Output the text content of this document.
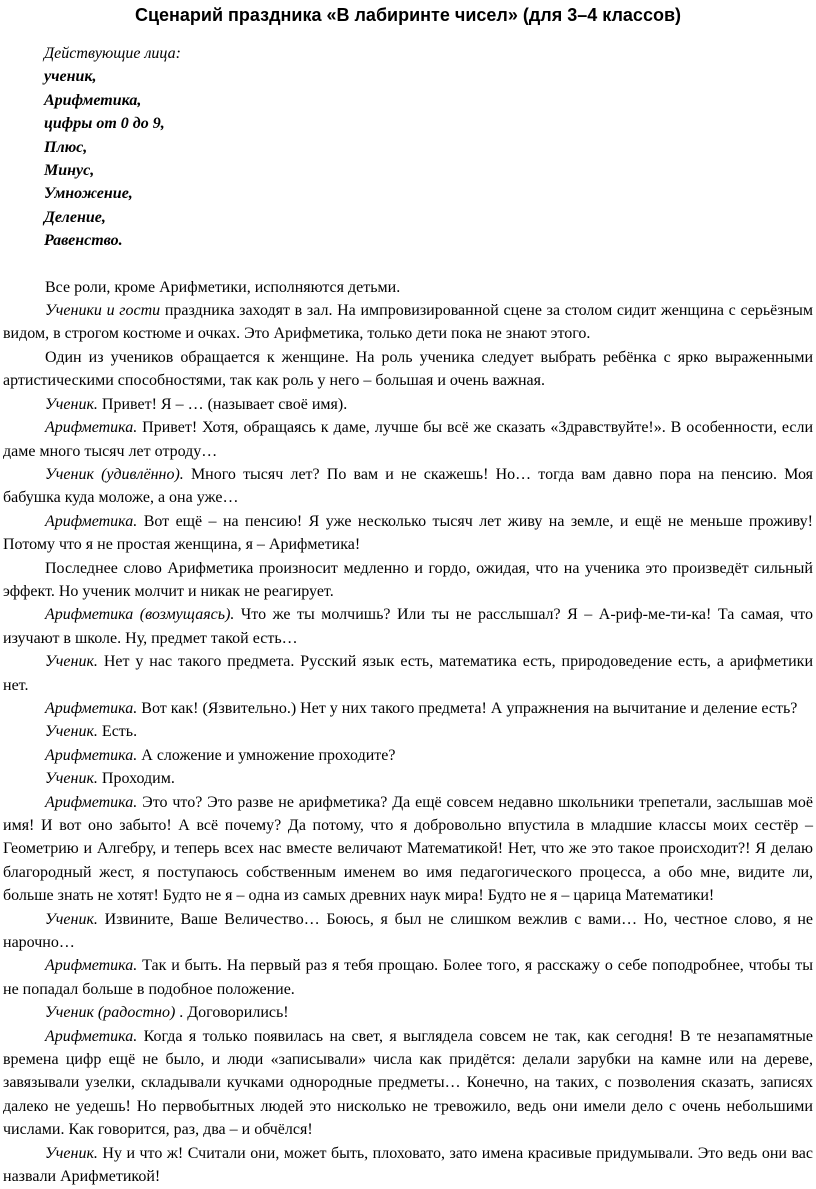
Сценарий праздника «В лабиринте чисел» (для 3–4 классов)
Действующие лица:
ученик,
Арифметика,
цифры от 0 до 9,
Плюс,
Минус,
Умножение,
Деление,
Равенство.

Все роли, кроме Арифметики, исполняются детьми.

Ученики и гости праздника заходят в зал. На импровизированной сцене за столом сидит женщина с серьёзным видом, в строгом костюме и очках. Это Арифметика, только дети пока не знают этого.

Один из учеников обращается к женщине. На роль ученика следует выбрать ребёнка с ярко выраженными артистическими способностями, так как роль у него – большая и очень важная.

Ученик. Привет! Я – … (называет своё имя).

Арифметика. Привет! Хотя, обращаясь к даме, лучше бы всё же сказать «Здравствуйте!». В особенности, если даме много тысяч лет отроду…

Ученик (удивлённо). Много тысяч лет? По вам и не скажешь! Но… тогда вам давно пора на пенсию. Моя бабушка куда моложе, а она уже…

Арифметика. Вот ещё – на пенсию! Я уже несколько тысяч лет живу на земле, и ещё не меньше проживу! Потому что я не простая женщина, я – Арифметика!

Последнее слово Арифметика произносит медленно и гордо, ожидая, что на ученика это произведёт сильный эффект. Но ученик молчит и никак не реагирует.

Арифметика (возмущаясь). Что же ты молчишь? Или ты не расслышал? Я – А-риф-ме-ти-ка! Та самая, что изучают в школе. Ну, предмет такой есть…

Ученик. Нет у нас такого предмета. Русский язык есть, математика есть, природоведение есть, а арифметики нет.

Арифметика. Вот как! (Язвительно.) Нет у них такого предмета! А упражнения на вычитание и деление есть?

Ученик. Есть.

Арифметика. А сложение и умножение проходите?

Ученик. Проходим.

Арифметика. Это что? Это разве не арифметика? Да ещё совсем недавно школьники трепетали, заслышав моё имя! И вот оно забыто! А всё почему? Да потому, что я добровольно впустила в младшие классы моих сестёр – Геометрию и Алгебру, и теперь всех нас вместе величают Математикой! Нет, что же это такое происходит?! Я делаю благородный жест, я поступаюсь собственным именем во имя педагогического процесса, а обо мне, видите ли, больше знать не хотят! Будто не я – одна из самых древних наук мира! Будто не я – царица Математики!

Ученик. Извините, Ваше Величество… Боюсь, я был не слишком вежлив с вами… Но, честное слово, я не нарочно…

Арифметика. Так и быть. На первый раз я тебя прощаю. Более того, я расскажу о себе поподробнее, чтобы ты не попадал больше в подобное положение.

Ученик (радостно) . Договорились!

Арифметика. Когда я только появилась на свет, я выглядела совсем не так, как сегодня! В те незапамятные времена цифр ещё не было, и люди «записывали» числа как придётся: делали зарубки на камне или на дереве, завязывали узелки, складывали кучками однородные предметы… Конечно, на таких, с позволения сказать, записях далеко не уедешь! Но первобытных людей это нисколько не тревожило, ведь они имели дело с очень небольшими числами. Как говорится, раз, два – и обчёлся!

Ученик. Ну и что ж! Считали они, может быть, плоховато, зато имена красивые придумывали. Это ведь они вас назвали Арифметикой!
